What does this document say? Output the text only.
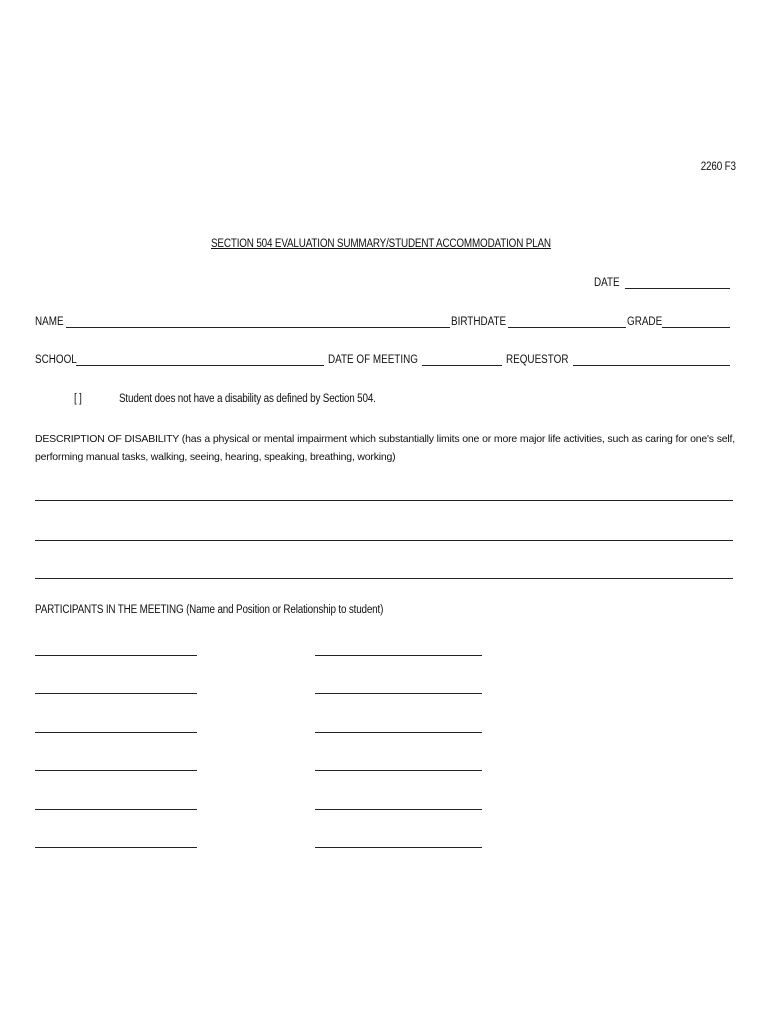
2260 F3
SECTION 504 EVALUATION SUMMARY/STUDENT ACCOMMODATION PLAN
DATE
NAME	BIRTHDATE	GRADE
SCHOOL	DATE OF MEETING	REQUESTOR
[ ]	Student does not have a disability as defined by Section 504.
DESCRIPTION OF DISABILITY (has a physical or mental impairment which substantially limits one or more major life activities, such as caring for one's self, performing manual tasks, walking, seeing, hearing, speaking, breathing, working)
PARTICIPANTS IN THE MEETING (Name and Position or Relationship to student)
